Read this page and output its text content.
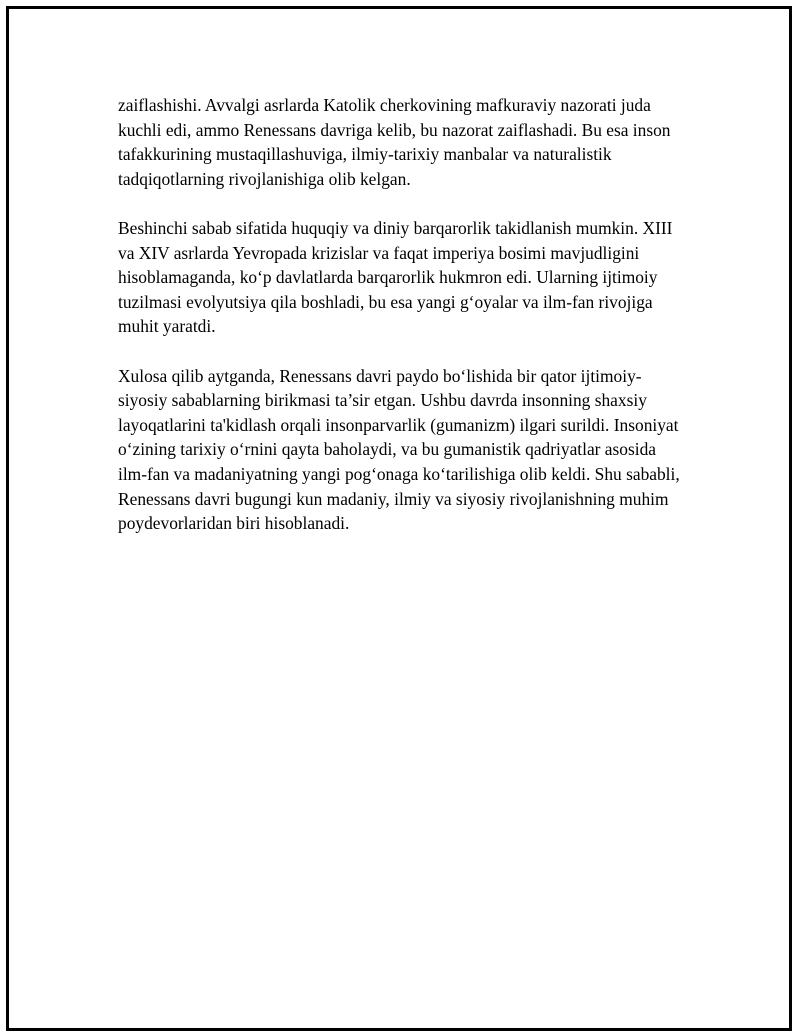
zaiflashishi. Avvalgi asrlarda Katolik cherkovining mafkuraviy nazorati juda kuchli edi, ammo Renessans davriga kelib, bu nazorat zaiflashadi. Bu esa inson tafakkurining mustaqillashuviga, ilmiy-tarixiy manbalar va naturalistik tadqiqotlarning rivojlanishiga olib kelgan.

Beshinchi sabab sifatida huquqiy va diniy barqarorlik takidlanish mumkin. XIII va XIV asrlarda Yevropada krizislar va faqat imperiya bosimi mavjudligini hisoblamaganda, ko‘p davlatlarda barqarorlik hukmron edi. Ularning ijtimoiy tuzilmasi evolyutsiya qila boshladi, bu esa yangi g‘oyalar va ilm-fan rivojiga muhit yaratdi.

Xulosa qilib aytganda, Renessans davri paydo bo‘lishida bir qator ijtimoiy-siyosiy sabablarning birikmasi ta’sir etgan. Ushbu davrda insonning shaxsiy layoqatlarini ta'kidlash orqali insonparvarlik (gumanizm) ilgari surildi. Insoniyat o‘zining tarixiy o‘rnini qayta baholaydi, va bu gumanistik qadriyatlar asosida ilm-fan va madaniyatning yangi pog‘onaga ko‘tarilishiga olib keldi. Shu sababli, Renessans davri bugungi kun madaniy, ilmiy va siyosiy rivojlanishning muhim poydevorlaridan biri hisoblanadi.
